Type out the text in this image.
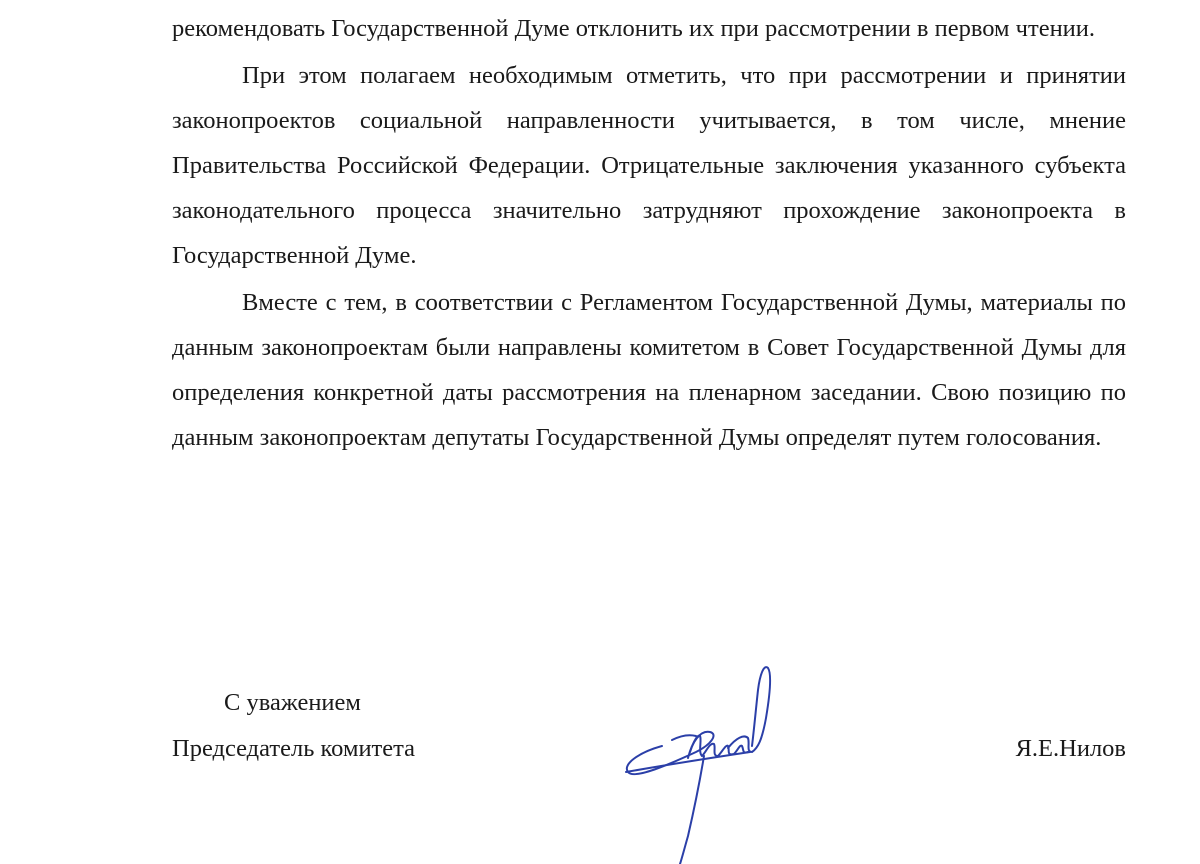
рекомендовать Государственной Думе отклонить их при рассмотрении в первом чтении.

При этом полагаем необходимым отметить, что при рассмотрении и принятии законопроектов социальной направленности учитывается, в том числе, мнение Правительства Российской Федерации. Отрицательные заключения указанного субъекта законодательного процесса значительно затрудняют прохождение законопроекта в Государственной Думе.

Вместе с тем, в соответствии с Регламентом Государственной Думы, материалы по данным законопроектам были направлены комитетом в Совет Государственной Думы для определения конкретной даты рассмотрения на пленарном заседании. Свою позицию по данным законопроектам депутаты Государственной Думы определят путем голосования.

С уважением

Председатель комитета	Я.Е.Нилов
